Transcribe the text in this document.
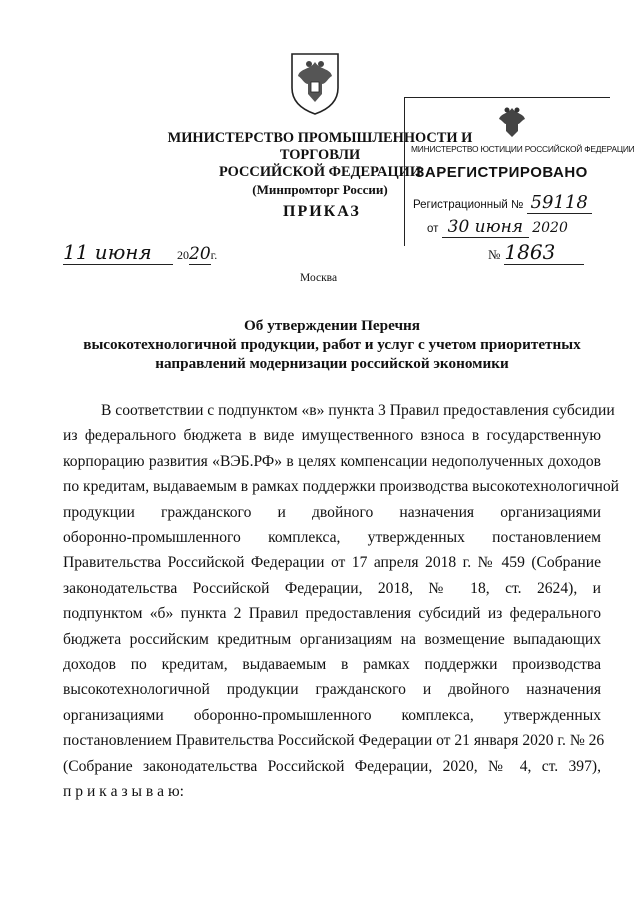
МИНИСТЕРСТВО ПРОМЫШЛЕННОСТИ И ТОРГОВЛИ
РОССИЙСКОЙ ФЕДЕРАЦИИ
(Минпромторг России)
ПРИКАЗ
МИНИСТЕРСТВО ЮСТИЦИИ РОССИЙСКОЙ ФЕДЕРАЦИИ
ЗАРЕГИСТРИРОВАНО
Регистрационный № 59118
от 30 июня 2020
11 июня 2020г.	№ 1863
Москва
Об утверждении Перечня
высокотехнологичной продукции, работ и услуг с учетом приоритетных
направлений модернизации российской экономики
В соответствии с подпунктом «в» пункта 3 Правил предоставления субсидии
из федерального бюджета в виде имущественного взноса в государственную
корпорацию развития «ВЭБ.РФ» в целях компенсации недополученных доходов
по кредитам, выдаваемым в рамках поддержки производства высокотехнологичной
продукции гражданского и двойного назначения организациями
оборонно-промышленного комплекса, утвержденных постановлением
Правительства Российской Федерации от 17 апреля 2018 г. № 459 (Собрание
законодательства Российской Федерации, 2018, № 18, ст. 2624), и
подпунктом «б» пункта 2 Правил предоставления субсидий из федерального
бюджета российским кредитным организациям на возмещение выпадающих
доходов по кредитам, выдаваемым в рамках поддержки производства
высокотехнологичной продукции гражданского и двойного назначения
организациями оборонно-промышленного комплекса, утвержденных
постановлением Правительства Российской Федерации от 21 января 2020 г. № 26
(Собрание законодательства Российской Федерации, 2020, № 4, ст. 397),
п р и к а з ы в а ю:
